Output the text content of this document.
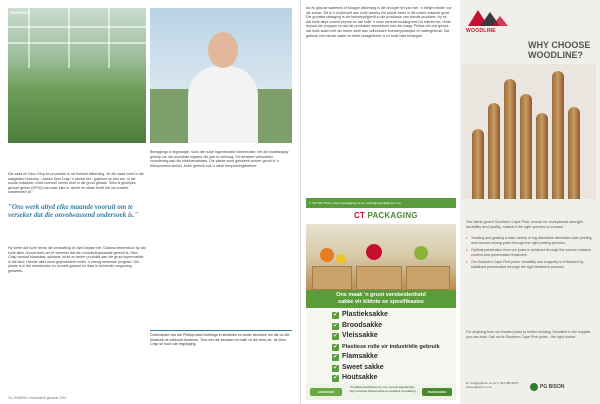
GROENTE
Die saad en Dew Crisp se produksie is uit Holland afkomstig. Vir die saad moet in die sakgebied hoekstry - waarin Dew Crisp 'n aantal het - gaphurs se dan toe. In die soods ontwikkel, moet hoeveel neemt droit in die groot gesaai. "Wes is geselpes geraan geleer (GPIG) ma maar elke is' almelt en skiwe ferelt elk' om koarbe vastiemdert af."
"Ons werk altyd elke maande vooruit om te verseker dat die onvolwassend ondersoek is."
Hy vertel dat hulle reeds die verskaffing vir April beplan het. Daarna beklemtoon hy dat hulle alles vooruit werk om te verseker dat die voorsieningskanale gereed is. Dew Crisp verskaf blaarslaai, spinasie, kruie en ander produkte aan die groot supermarkte in die land. Hierdie alles word geproduseer onder 'n streng beheerde program. Die plante is in die kweekhuise en tunnels geplant en daar in beheerde omgewing gekweek.
Beleggings in tegnologie, soos die nuwe lugverkoelde kweekhuise, het die maatskappy gehelp om die produksie regdeur die jaar te verhoog. Dit verseker volhoubare voorsiening aan die kleinhandelaars. Die plante word gekweek sonder grond in 'n hidroponiese stelsel. Hulle gebruik ook 'n sterk besproeiingsbeheer.
Onderskrive van die Philippi stad boeitings in stedelike en ander structuur om die ou die blosburk de tuinbouk besteme. 'Ons vier die bestaan en hulle vir die werk uit,' sê Dew Crisp se hoof van regstyging.
24 | NAMPAK Groentebrief januarie 2022
As ek glas se watermis of boogde afkomstig is die droogte het van hier. 'n bietjie minder oor die somer. Dit is 'n dryfskroef aan hulle waarby hul plante beter in die koeler maande groei. Die grootste uitdaging is die teenstrydigheid in die produksie van hierdie produkte. Hy sê dat hulle altyd vooruit beplan en dat hulle 'n noue werkverhouding met hul kliënte het. Hulle bepaal die program so dat die produksie ooreenkom met die vraag. Philips het ook gewys dat hulle saam met die boere werk aan volhoubare boerderypraktyke en watergebruik. Die gebruik van minder water en beter plaagbeheer is vir hulle baie belangrik.
T: 021 551 8700 | www.ctpackaging.co.za | sales@ctpackaging.co.za
CT PACKAGING
Ons maak 'n groot verskeidenheid
sakke vir kliënte se spesifikasies
✓ Plastieksakke
✓ Broodsakke
✓ Vleissakke
✓ Plastiese rolle vir industriële gebruik
✓ Flamsakke
✓ Sweet sakke
✓ Houtsakke
AGRIFARM
Produkte beskikbaar by ons voorste afgehandel - Agri Grootste Papierwerke en kwaliteit verpakking.	PACKAGING
WOODLINE
WHY CHOOSE WOODLINE?
Our latest grown Southern Cape Pine, known for exceptional strength, durability and quality, makes it the right species to choose.
• Treating and grading a wide variety of log diameters eliminates over-peeling and ensures strong poles through the right peeling process.
• Optimal penetration from our poles is achieved through the correct moisture content and preservative treatment.
• Our Southern Cape Pine poles' durability and longevity is enhanced by stabilized preservative through the right treatment process.
For anything from our treated poles to timber building, Woodline is the supplier you can trust. Call us for Southern Cape Pine poles - the right choice.
E: info@pgbison.co.za T: 044 382 6015 www.pgbison.co.za	PG BISON
